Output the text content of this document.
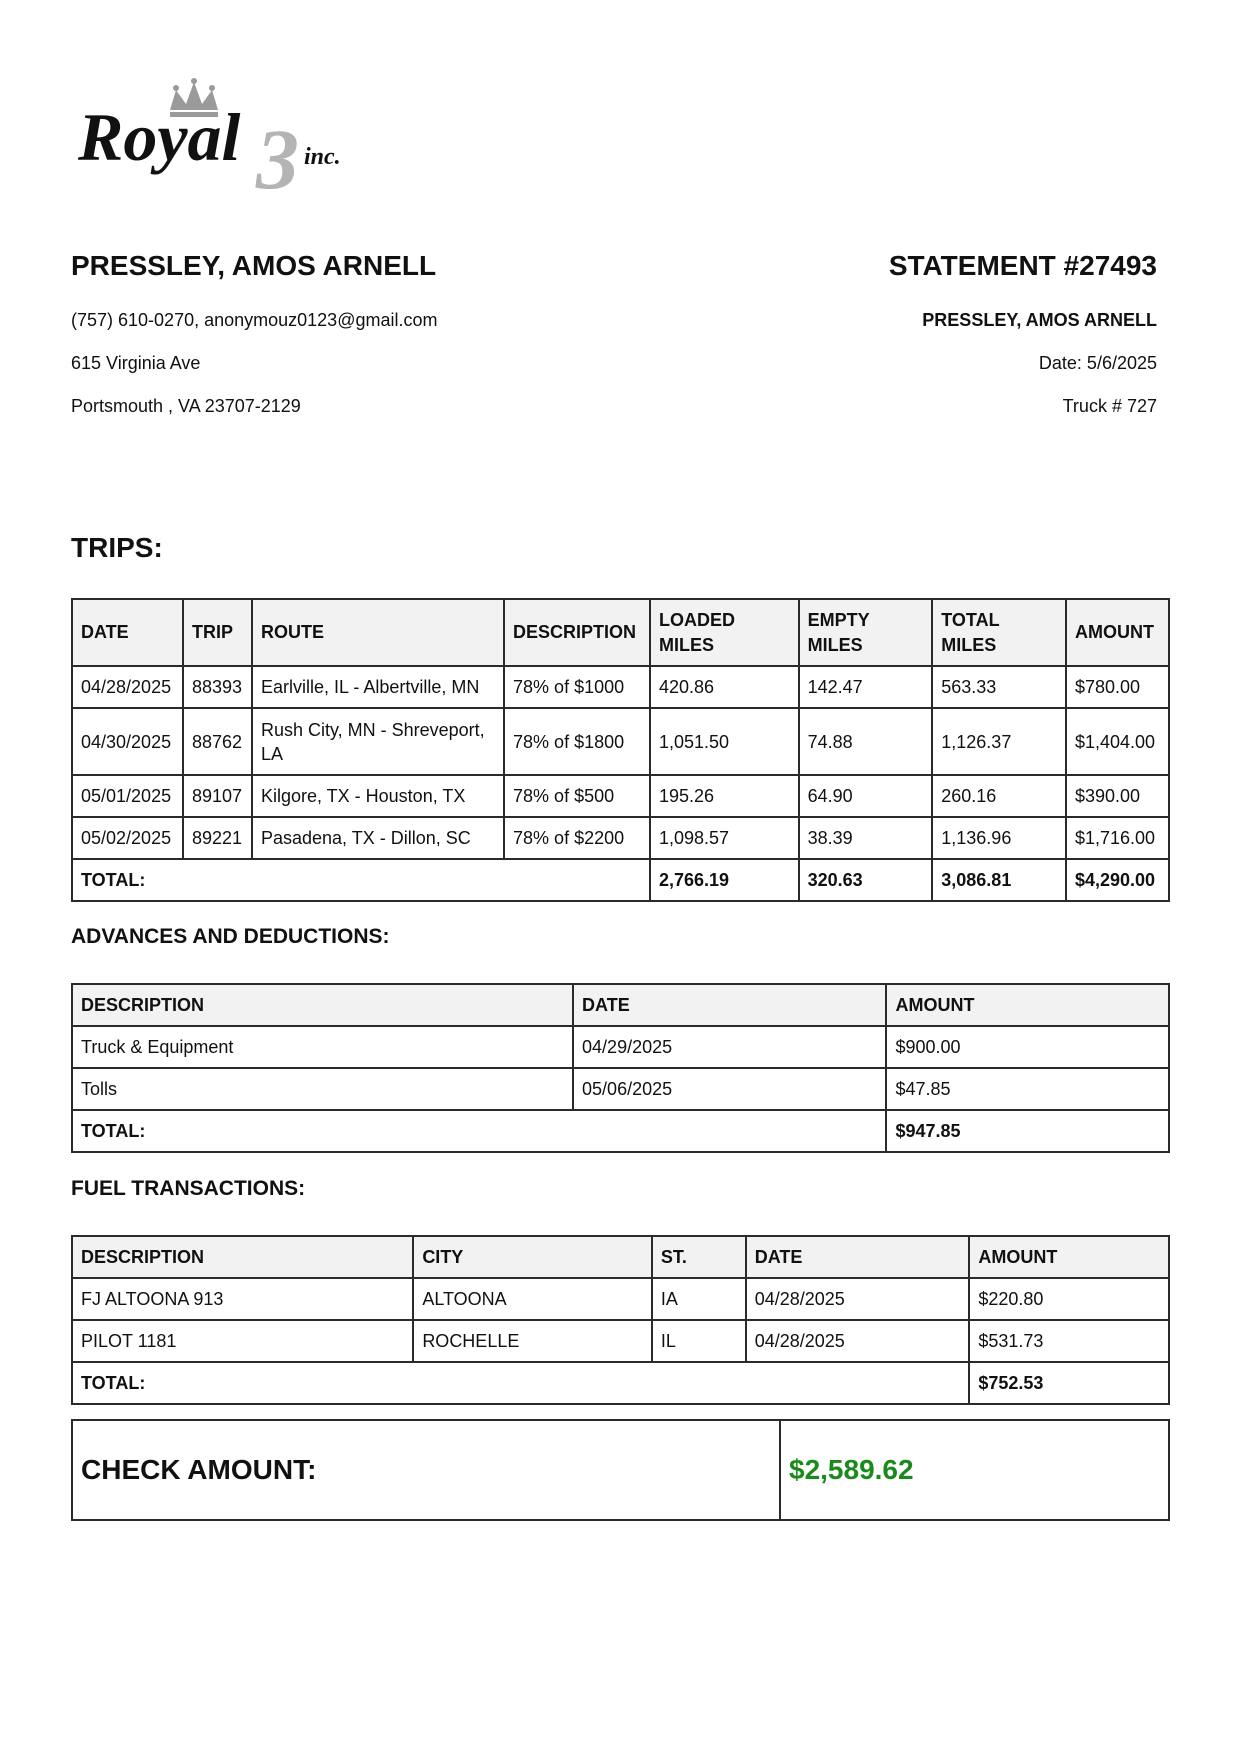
3
Royal	inc.
PRESSLEY, AMOS ARNELL	STATEMENT #27493
(757) 610-0270, anonymouz0123@gmail.com
615 Virginia Ave
Portsmouth , VA 23707-2129
PRESSLEY, AMOS ARNELL
Date: 5/6/2025
Truck # 727
TRIPS:
DATE	TRIP	ROUTE	DESCRIPTION	LOADED MILES	EMPTY MILES	TOTAL MILES	AMOUNT
04/28/2025	88393	Earlville, IL - Albertville, MN	78% of $1000	420.86	142.47	563.33	$780.00
04/30/2025	88762	Rush City, MN - Shreveport, LA	78% of $1800	1,051.50	74.88	1,126.37	$1,404.00
05/01/2025	89107	Kilgore, TX - Houston, TX	78% of $500	195.26	64.90	260.16	$390.00
05/02/2025	89221	Pasadena, TX - Dillon, SC	78% of $2200	1,098.57	38.39	1,136.96	$1,716.00
TOTAL:				2,766.19	320.63	3,086.81	$4,290.00
ADVANCES AND DEDUCTIONS:
DESCRIPTION	DATE	AMOUNT
Truck & Equipment	04/29/2025	$900.00
Tolls	05/06/2025	$47.85
TOTAL:		$947.85
FUEL TRANSACTIONS:
DESCRIPTION	CITY	ST.	DATE	AMOUNT
FJ ALTOONA 913	ALTOONA	IA	04/28/2025	$220.80
PILOT 1181	ROCHELLE	IL	04/28/2025	$531.73
TOTAL:				$752.53
CHECK AMOUNT:	$2,589.62
